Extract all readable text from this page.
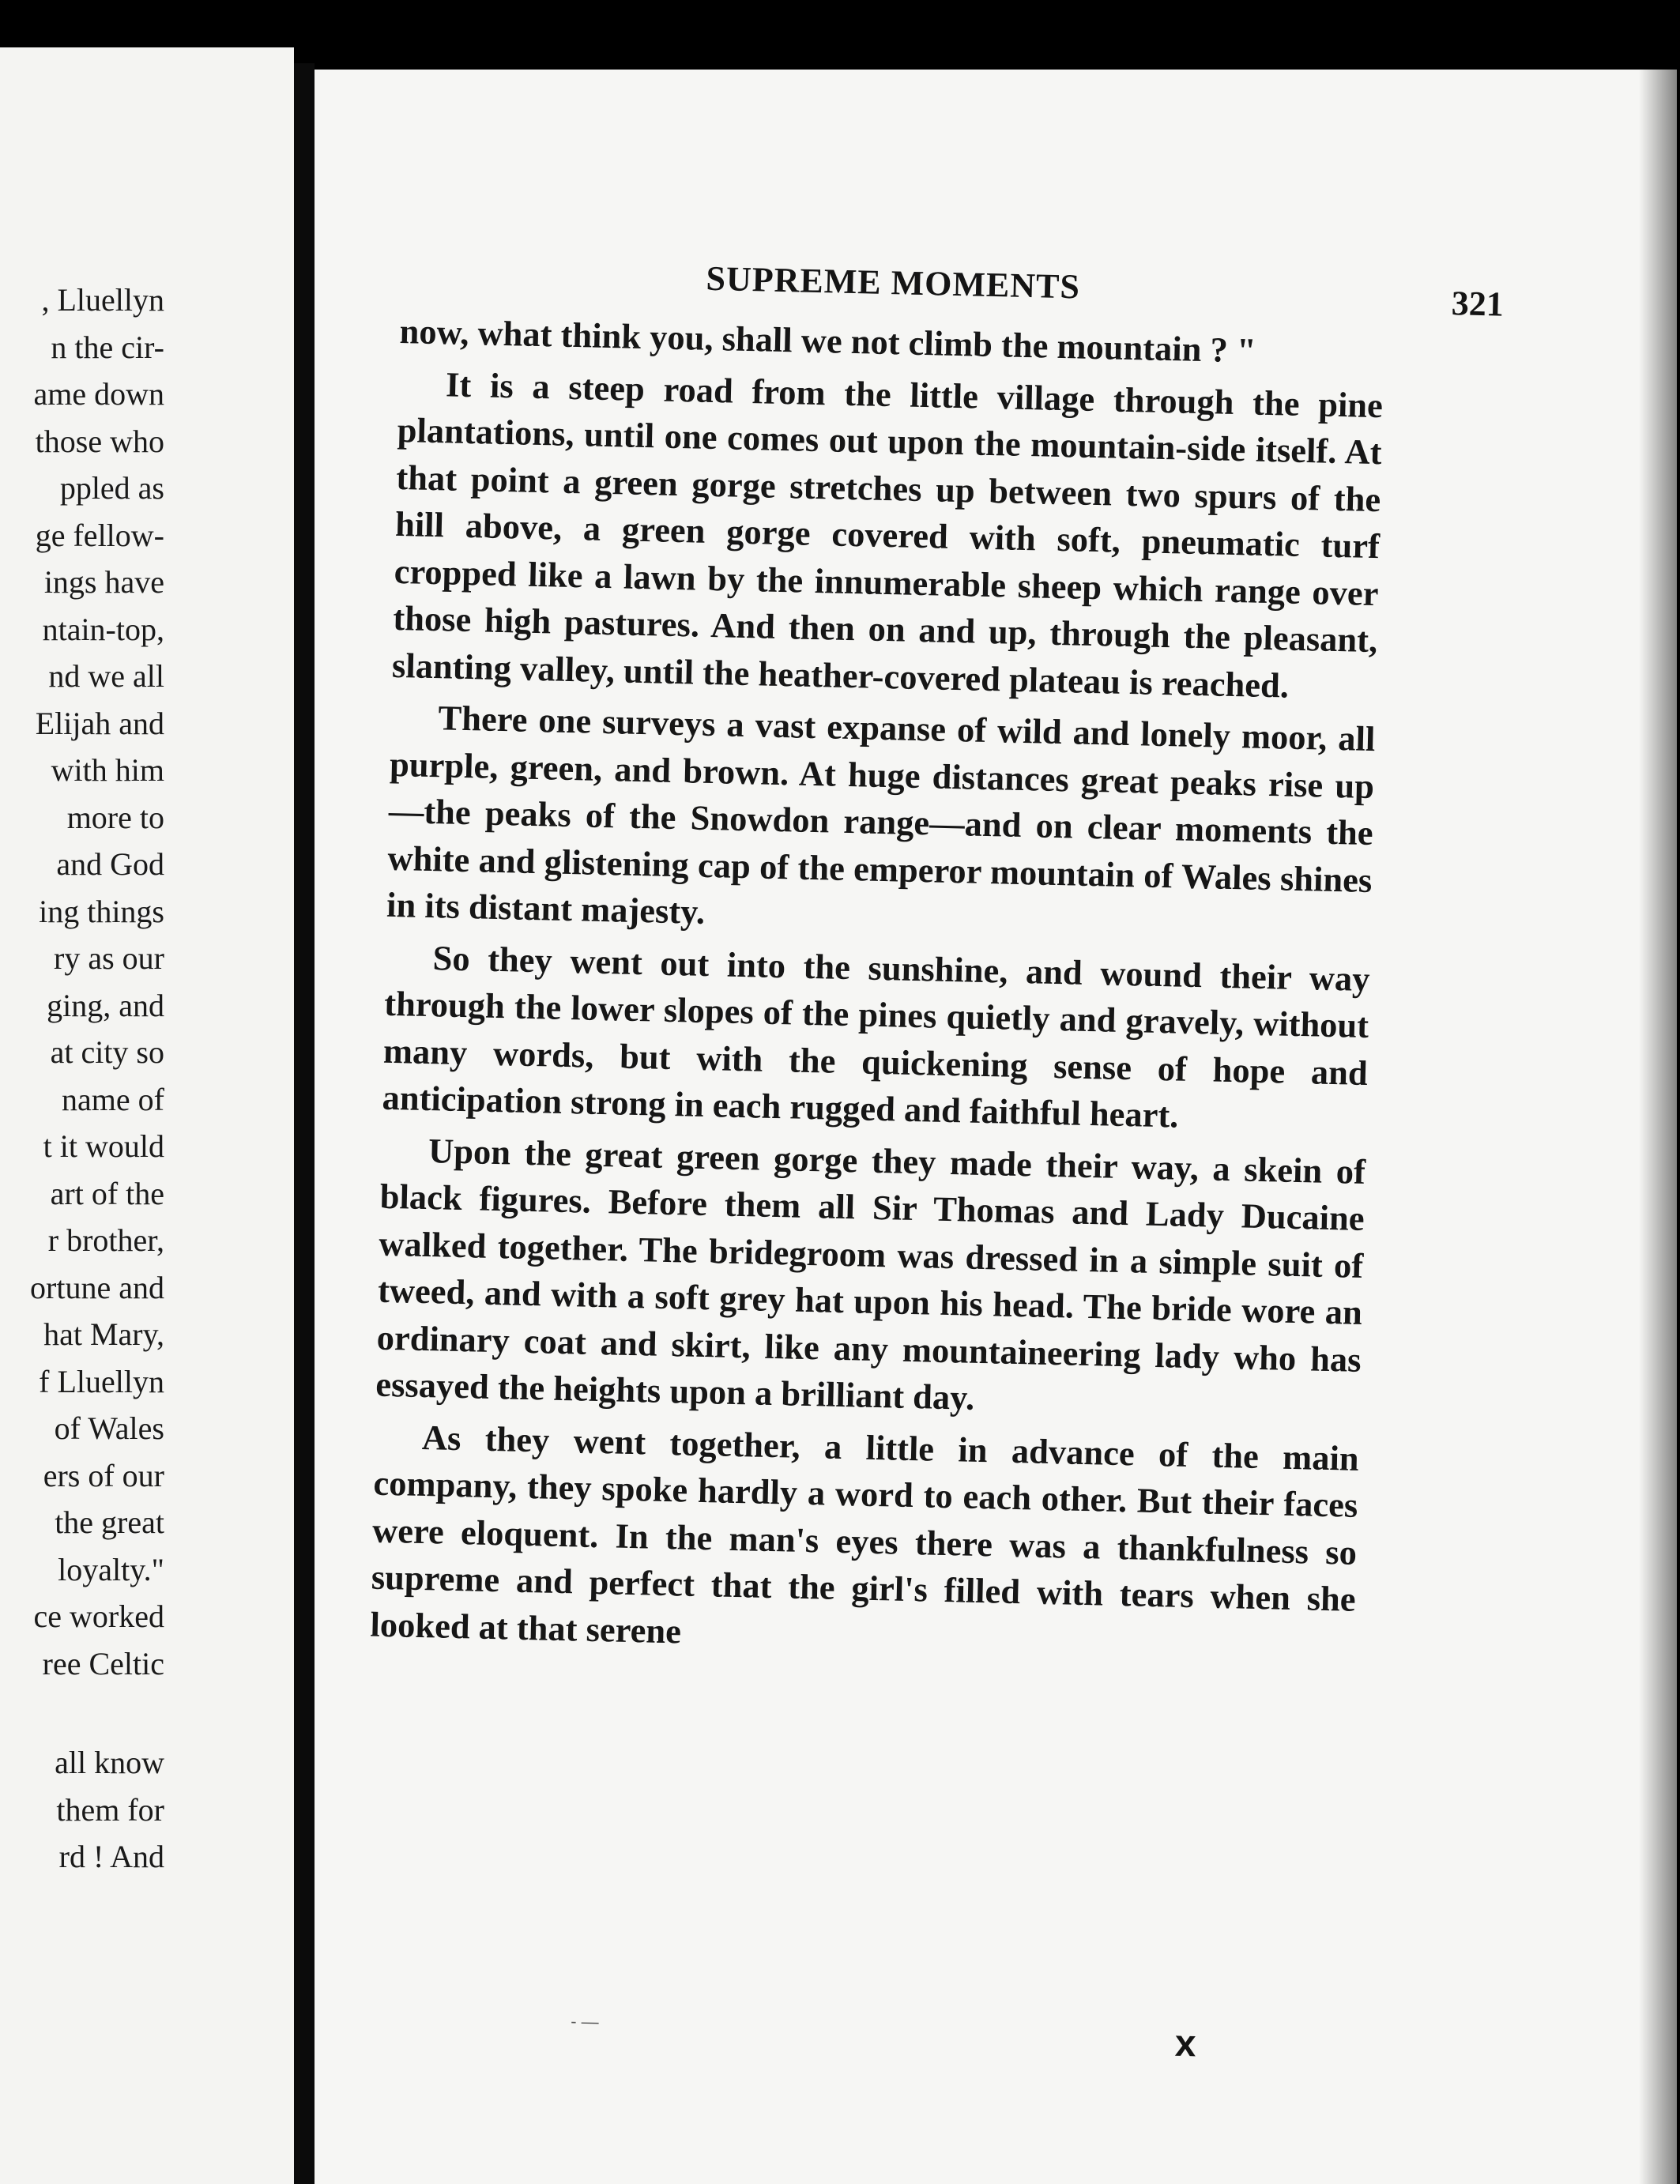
, Lluellyn
n the cir-
ame down
those who
ppled as
ge fellow-
ings have
ntain-top,
nd we all
Elijah and
with him
more to
and God
ing things
ry as our
ging, and
at city so
name of
t it would
art of the
r brother,
ortune and
hat Mary,
f Lluellyn
of Wales
ers of our
the great
loyalty."
ce worked
ree Celtic
all know
them for
rd ! And
SUPREME MOMENTS	321

now, what think you, shall we not climb the mountain ? "

It is a steep road from the little village through the pine plantations, until one comes out upon the mountain-side itself. At that point a green gorge stretches up between two spurs of the hill above, a green gorge covered with soft, pneumatic turf cropped like a lawn by the innumerable sheep which range over those high pastures. And then on and up, through the pleasant, slanting valley, until the heather-covered plateau is reached.

There one surveys a vast expanse of wild and lonely moor, all purple, green, and brown. At huge distances great peaks rise up—the peaks of the Snowdon range—and on clear moments the white and glistening cap of the emperor mountain of Wales shines in its distant majesty.

So they went out into the sunshine, and wound their way through the lower slopes of the pines quietly and gravely, without many words, but with the quickening sense of hope and anticipation strong in each rugged and faithful heart.

Upon the great green gorge they made their way, a skein of black figures. Before them all Sir Thomas and Lady Ducaine walked together. The bridegroom was dressed in a simple suit of tweed, and with a soft grey hat upon his head. The bride wore an ordinary coat and skirt, like any mountaineering lady who has essayed the heights upon a brilliant day.

As they went together, a little in advance of the main company, they spoke hardly a word to each other. But their faces were eloquent. In the man's eyes there was a thankfulness so supreme and perfect that the girl's filled with tears when she looked at that serene

- —
x
